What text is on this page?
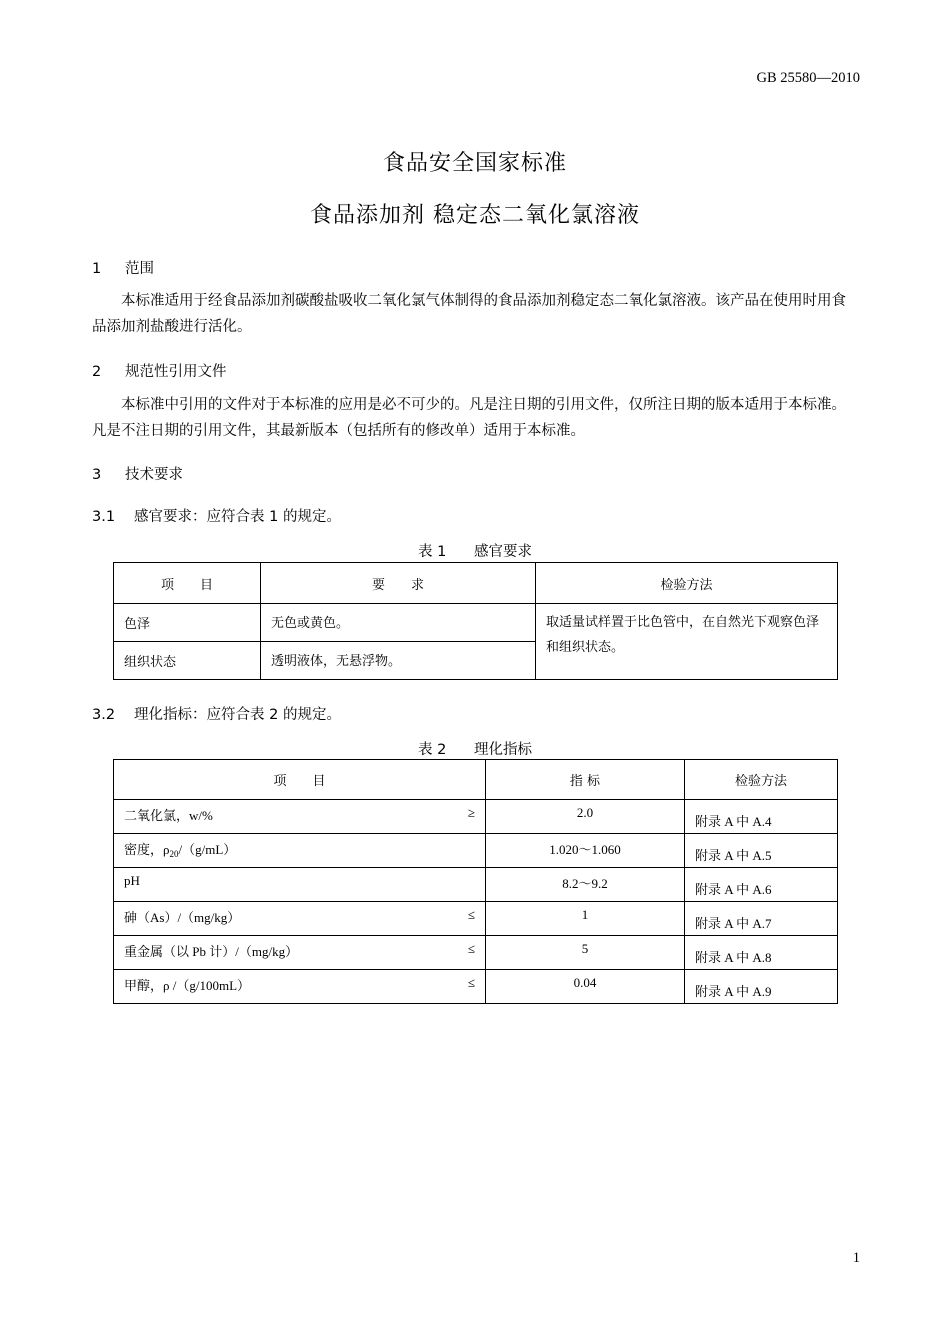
GB 25580—2010
食品安全国家标准
食品添加剂 稳定态二氧化氯溶液
1 范围
本标准适用于经食品添加剂碳酸盐吸收二氧化氯气体制得的食品添加剂稳定态二氧化氯溶液。该产品在使用时用食品添加剂盐酸进行活化。
2 规范性引用文件
本标准中引用的文件对于本标准的应用是必不可少的。凡是注日期的引用文件，仅所注日期的版本适用于本标准。凡是不注日期的引用文件，其最新版本（包括所有的修改单）适用于本标准。
3 技术要求
3.1 感官要求：应符合表 1 的规定。
表 1      感官要求
项　　目	要　　求	检验方法
色泽	无色或黄色。	取适量试样置于比色管中，在自然光下观察色泽和组织状态。
组织状态	透明液体，无悬浮物。	
3.2 理化指标：应符合表 2 的规定。
表 2      理化指标
项　　目	指 标	检验方法
二氧化氯，w/% ≥	2.0	附录 A 中 A.4
密度，$\rho_{20}/(g/mL)$	1.020～1.060	附录 A 中 A.5
pH	8.2～9.2	附录 A 中 A.6
砷（As）/（mg/kg） ≤	1	附录 A 中 A.7
重金属（以 Pb 计）/（mg/kg） ≤	5	附录 A 中 A.8
甲醇，ρ /（g/100mL） ≤	0.04	附录 A 中 A.9
1
